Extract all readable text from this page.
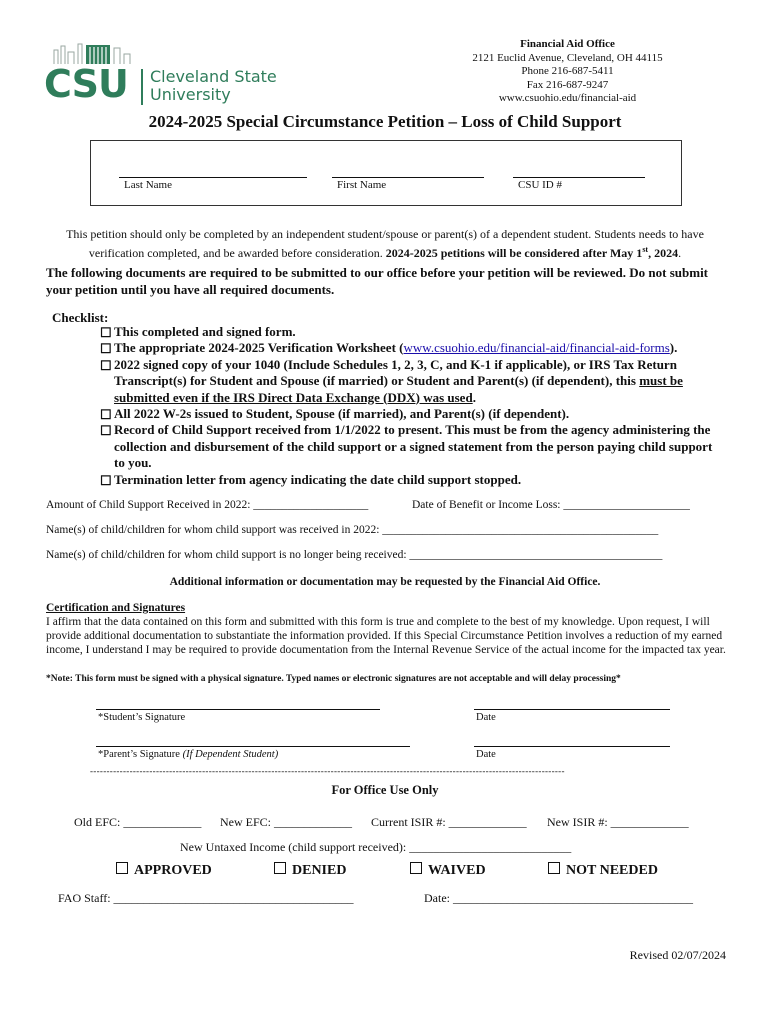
CSU Cleveland State
University
Financial Aid Office
2121 Euclid Avenue, Cleveland, OH 44115
Phone 216-687-5411
Fax 216-687-9247
www.csuohio.edu/financial-aid
2024-2025 Special Circumstance Petition – Loss of Child Support
Last Name	First Name	CSU ID #
This petition should only be completed by an independent student/spouse or parent(s) of a dependent student. Students needs to have verification completed, and be awarded before consideration. 2024-2025 petitions will be considered after May 1st, 2024.
The following documents are required to be submitted to our office before your petition will be reviewed. Do not submit your petition until you have all required documents.
Checklist:
☐ This completed and signed form.
☐ The appropriate 2024-2025 Verification Worksheet (www.csuohio.edu/financial-aid/financial-aid-forms).
☐ 2022 signed copy of your 1040 (Include Schedules 1, 2, 3, C, and K-1 if applicable), or IRS Tax Return Transcript(s) for Student and Spouse (if married) or Student and Parent(s) (if dependent), this must be submitted even if the IRS Direct Data Exchange (DDX) was used.
☐ All 2022 W-2s issued to Student, Spouse (if married), and Parent(s) (if dependent).
☐ Record of Child Support received from 1/1/2022 to present. This must be from the agency administering the collection and disbursement of the child support or a signed statement from the person paying child support to you.
☐ Termination letter from agency indicating the date child support stopped.
Amount of Child Support Received in 2022: ____________________	Date of Benefit or Income Loss: ______________________
Name(s) of child/children for whom child support was received in 2022: ________________________________________________
Name(s) of child/children for whom child support is no longer being received: ____________________________________________
Additional information or documentation may be requested by the Financial Aid Office.
Certification and Signatures
I affirm that the data contained on this form and submitted with this form is true and complete to the best of my knowledge. Upon request, I will provide additional documentation to substantiate the information provided. If this Special Circumstance Petition involves a reduction of my earned income, I understand I may be required to provide documentation from the Internal Revenue Service of the actual income for the impacted tax year.
*Note: This form must be signed with a physical signature. Typed names or electronic signatures are not acceptable and will delay processing*
*Student’s Signature	Date
*Parent’s Signature (If Dependent Student)	Date
------------------------------------------------------------------------------------------------------------------------------------------------
For Office Use Only
Old EFC: _____________ New EFC: _____________ Current ISIR #: _____________ New ISIR #: _____________
New Untaxed Income (child support received): ___________________________
APPROVED	DENIED	WAIVED	NOT NEEDED
FAO Staff: ________________________________________	Date: ________________________________________
Revised 02/07/2024
